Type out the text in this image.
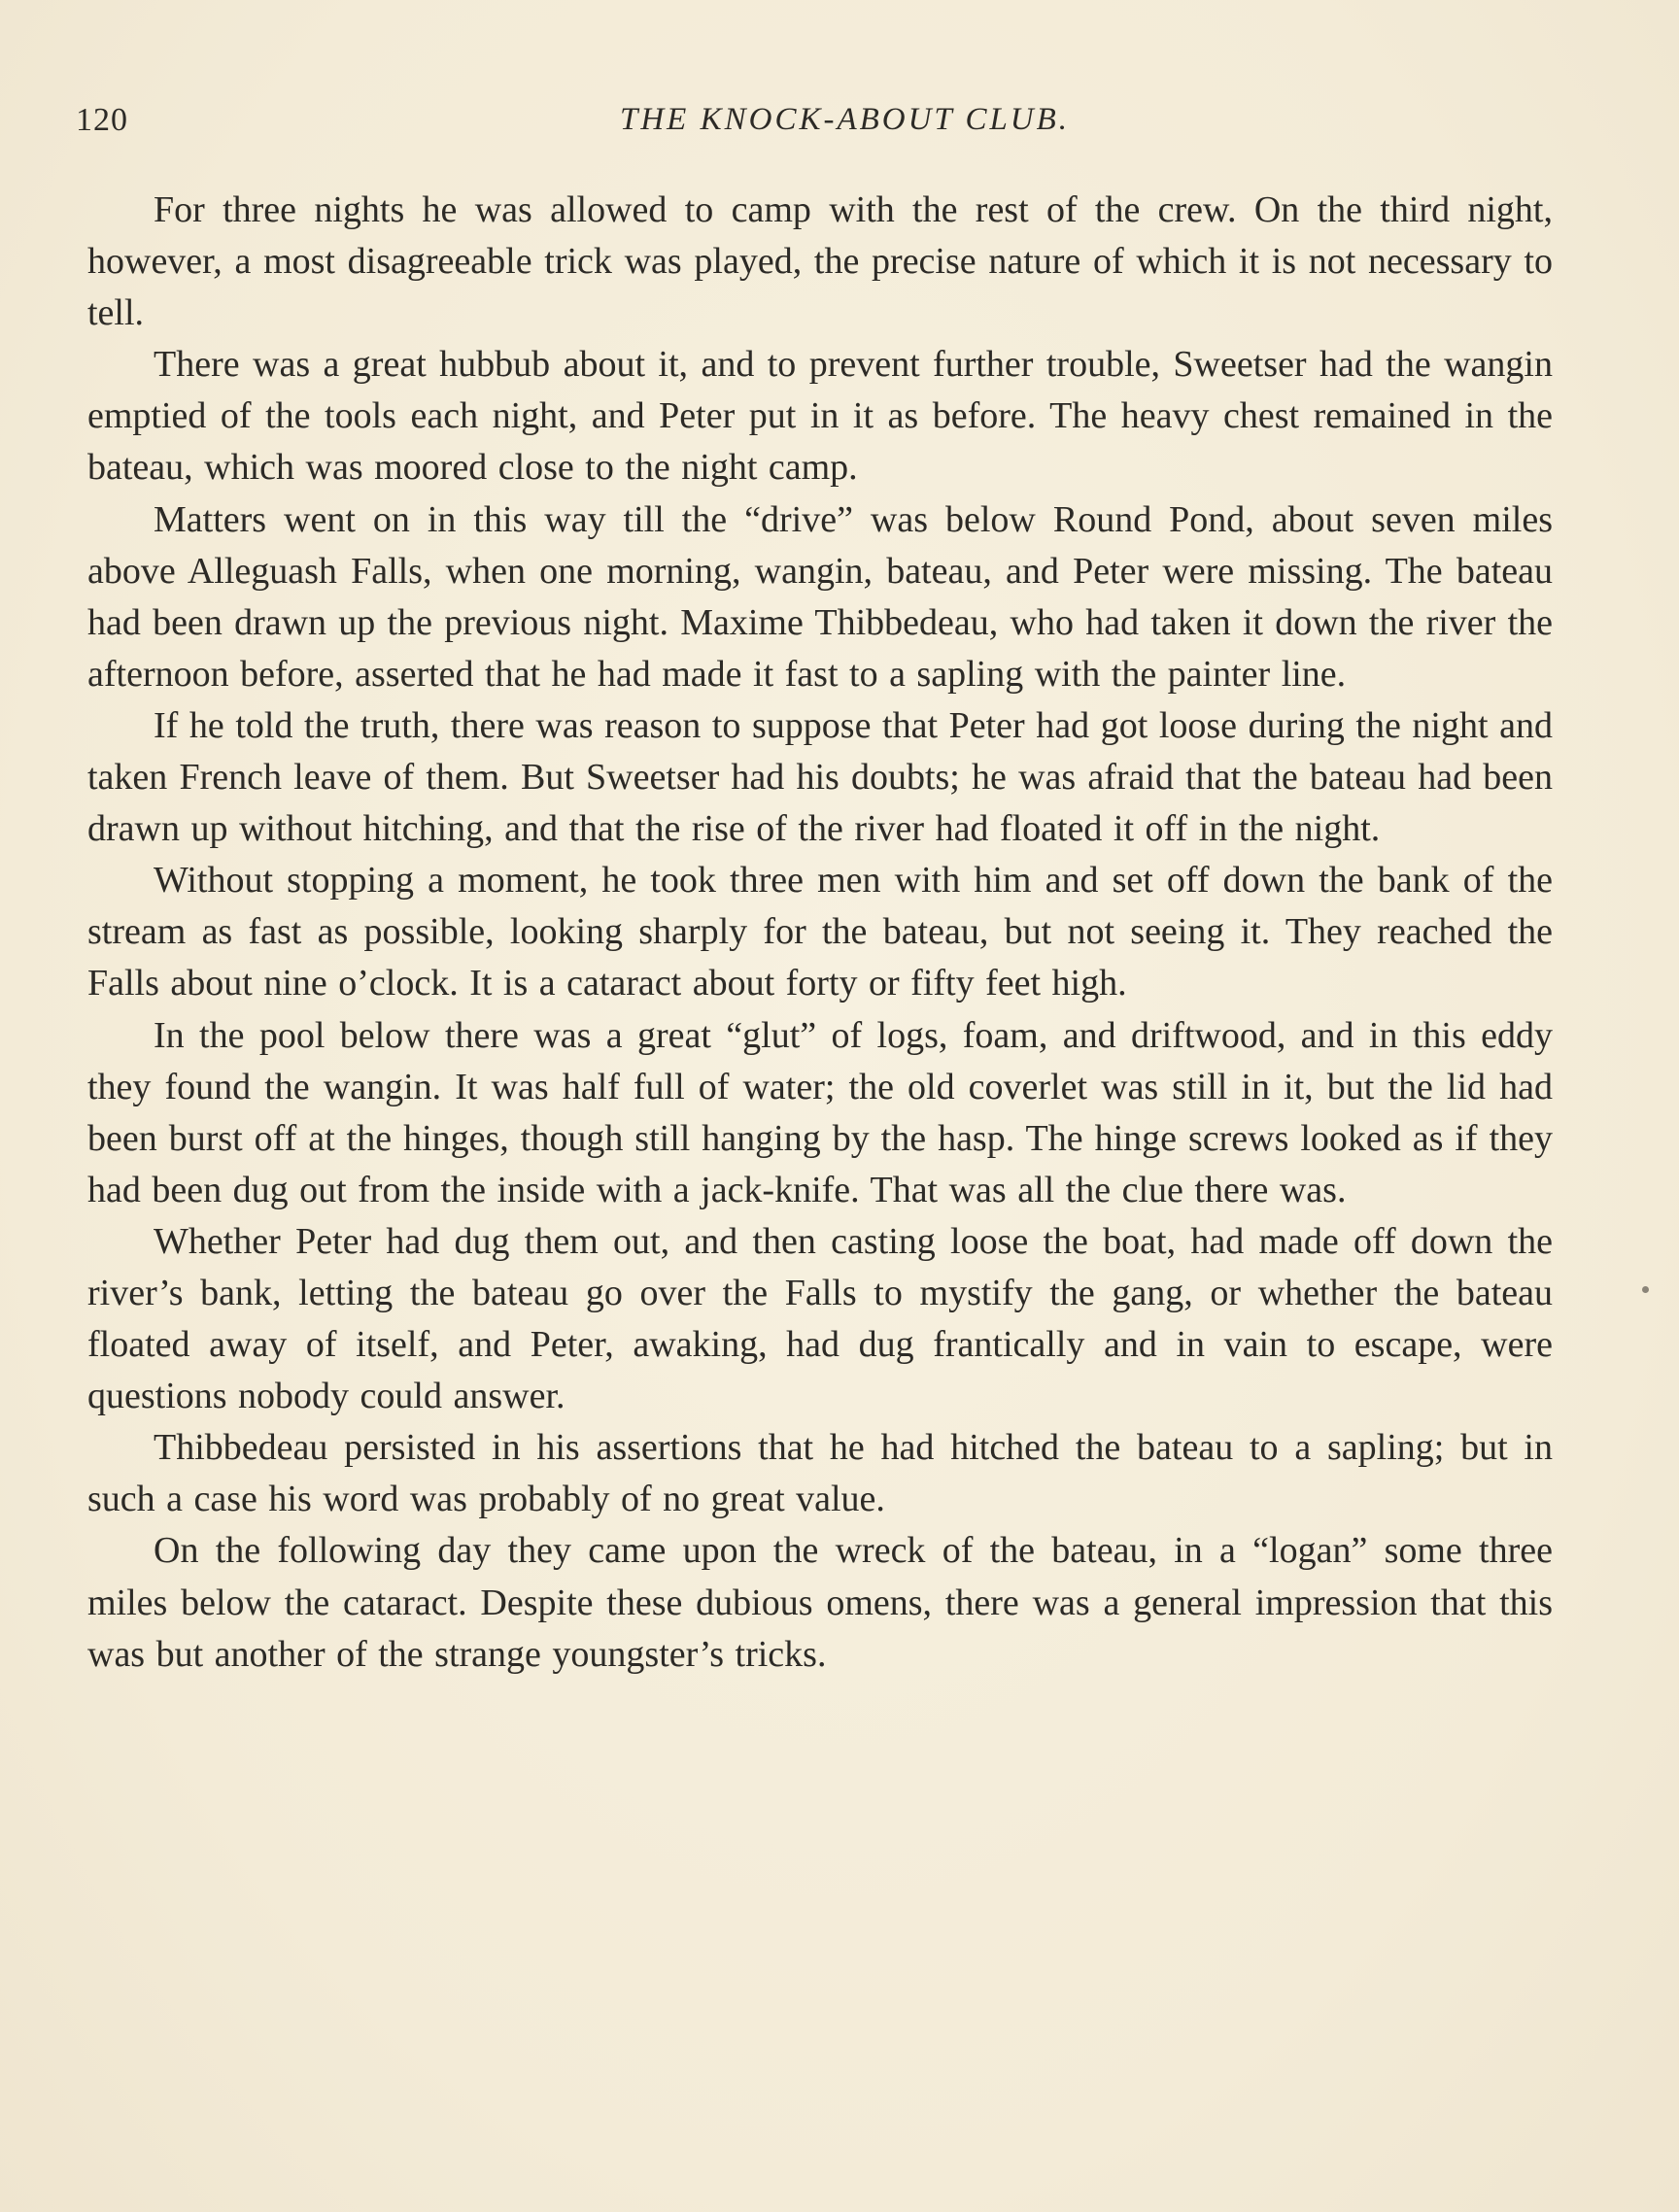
120	THE KNOCK-ABOUT CLUB.

For three nights he was allowed to camp with the rest of the crew. On the third night, however, a most disagreeable trick was played, the precise nature of which it is not necessary to tell.

There was a great hubbub about it, and to prevent further trouble, Sweetser had the wangin emptied of the tools each night, and Peter put in it as before. The heavy chest remained in the bateau, which was moored close to the night camp.

Matters went on in this way till the “drive” was below Round Pond, about seven miles above Alleguash Falls, when one morning, wangin, bateau, and Peter were missing. The bateau had been drawn up the previous night. Maxime Thibbedeau, who had taken it down the river the afternoon before, asserted that he had made it fast to a sapling with the painter line.

If he told the truth, there was reason to suppose that Peter had got loose during the night and taken French leave of them. But Sweetser had his doubts; he was afraid that the bateau had been drawn up without hitching, and that the rise of the river had floated it off in the night.

Without stopping a moment, he took three men with him and set off down the bank of the stream as fast as possible, looking sharply for the bateau, but not seeing it. They reached the Falls about nine o’clock. It is a cataract about forty or fifty feet high.

In the pool below there was a great “glut” of logs, foam, and driftwood, and in this eddy they found the wangin. It was half full of water; the old coverlet was still in it, but the lid had been burst off at the hinges, though still hanging by the hasp. The hinge screws looked as if they had been dug out from the inside with a jack-knife. That was all the clue there was.

Whether Peter had dug them out, and then casting loose the boat, had made off down the river’s bank, letting the bateau go over the Falls to mystify the gang, or whether the bateau floated away of itself, and Peter, awaking, had dug frantically and in vain to escape, were questions nobody could answer.

Thibbedeau persisted in his assertions that he had hitched the bateau to a sapling; but in such a case his word was probably of no great value.

On the following day they came upon the wreck of the bateau, in a “logan” some three miles below the cataract. Despite these dubious omens, there was a general impression that this was but another of the strange youngster’s tricks.
